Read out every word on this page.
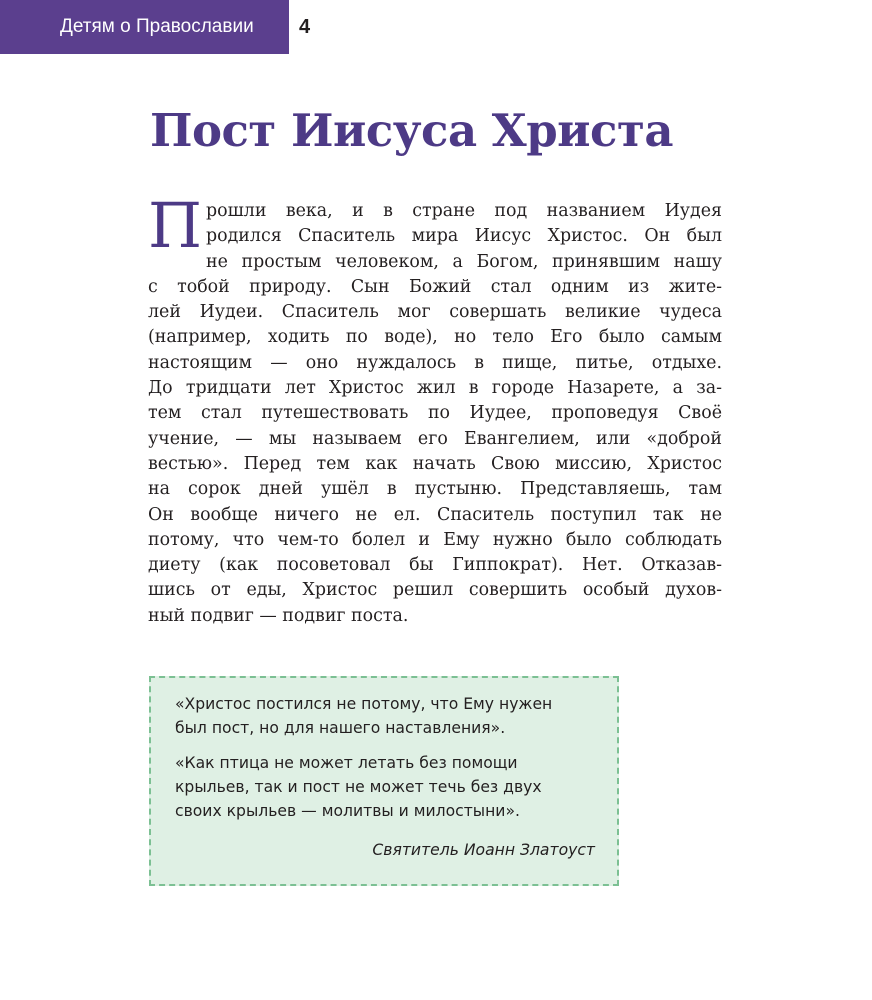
Детям о Православии	4
Пост Иисуса Христа
П рошли века, и в стране под названием Иудея
родился Спаситель мира Иисус Христос. Он был
не простым человеком, а Богом, принявшим нашу
с тобой природу. Сын Божий стал одним из жите-
лей Иудеи. Спаситель мог совершать великие чудеса
(например, ходить по воде), но тело Его было самым
настоящим — оно нуждалось в пище, питье, отдыхе.
До тридцати лет Христос жил в городе Назарете, а за-
тем стал путешествовать по Иудее, проповедуя Своё
учение, — мы называем его Евангелием, или «доброй
вестью». Перед тем как начать Свою миссию, Христос
на сорок дней ушёл в пустыню. Представляешь, там
Он вообще ничего не ел. Спаситель поступил так не
потому, что чем-то болел и Ему нужно было соблюдать
диету (как посоветовал бы Гиппократ). Нет. Отказав-
шись от еды, Христос решил совершить особый духов-
ный подвиг — подвиг поста.

«Христос постился не потому, что Ему нужен
был пост, но для нашего наставления».

«Как птица не может летать без помощи
крыльев, так и пост не может течь без двух
своих крыльев — молитвы и милостыни».

Святитель Иоанн Златоуст
